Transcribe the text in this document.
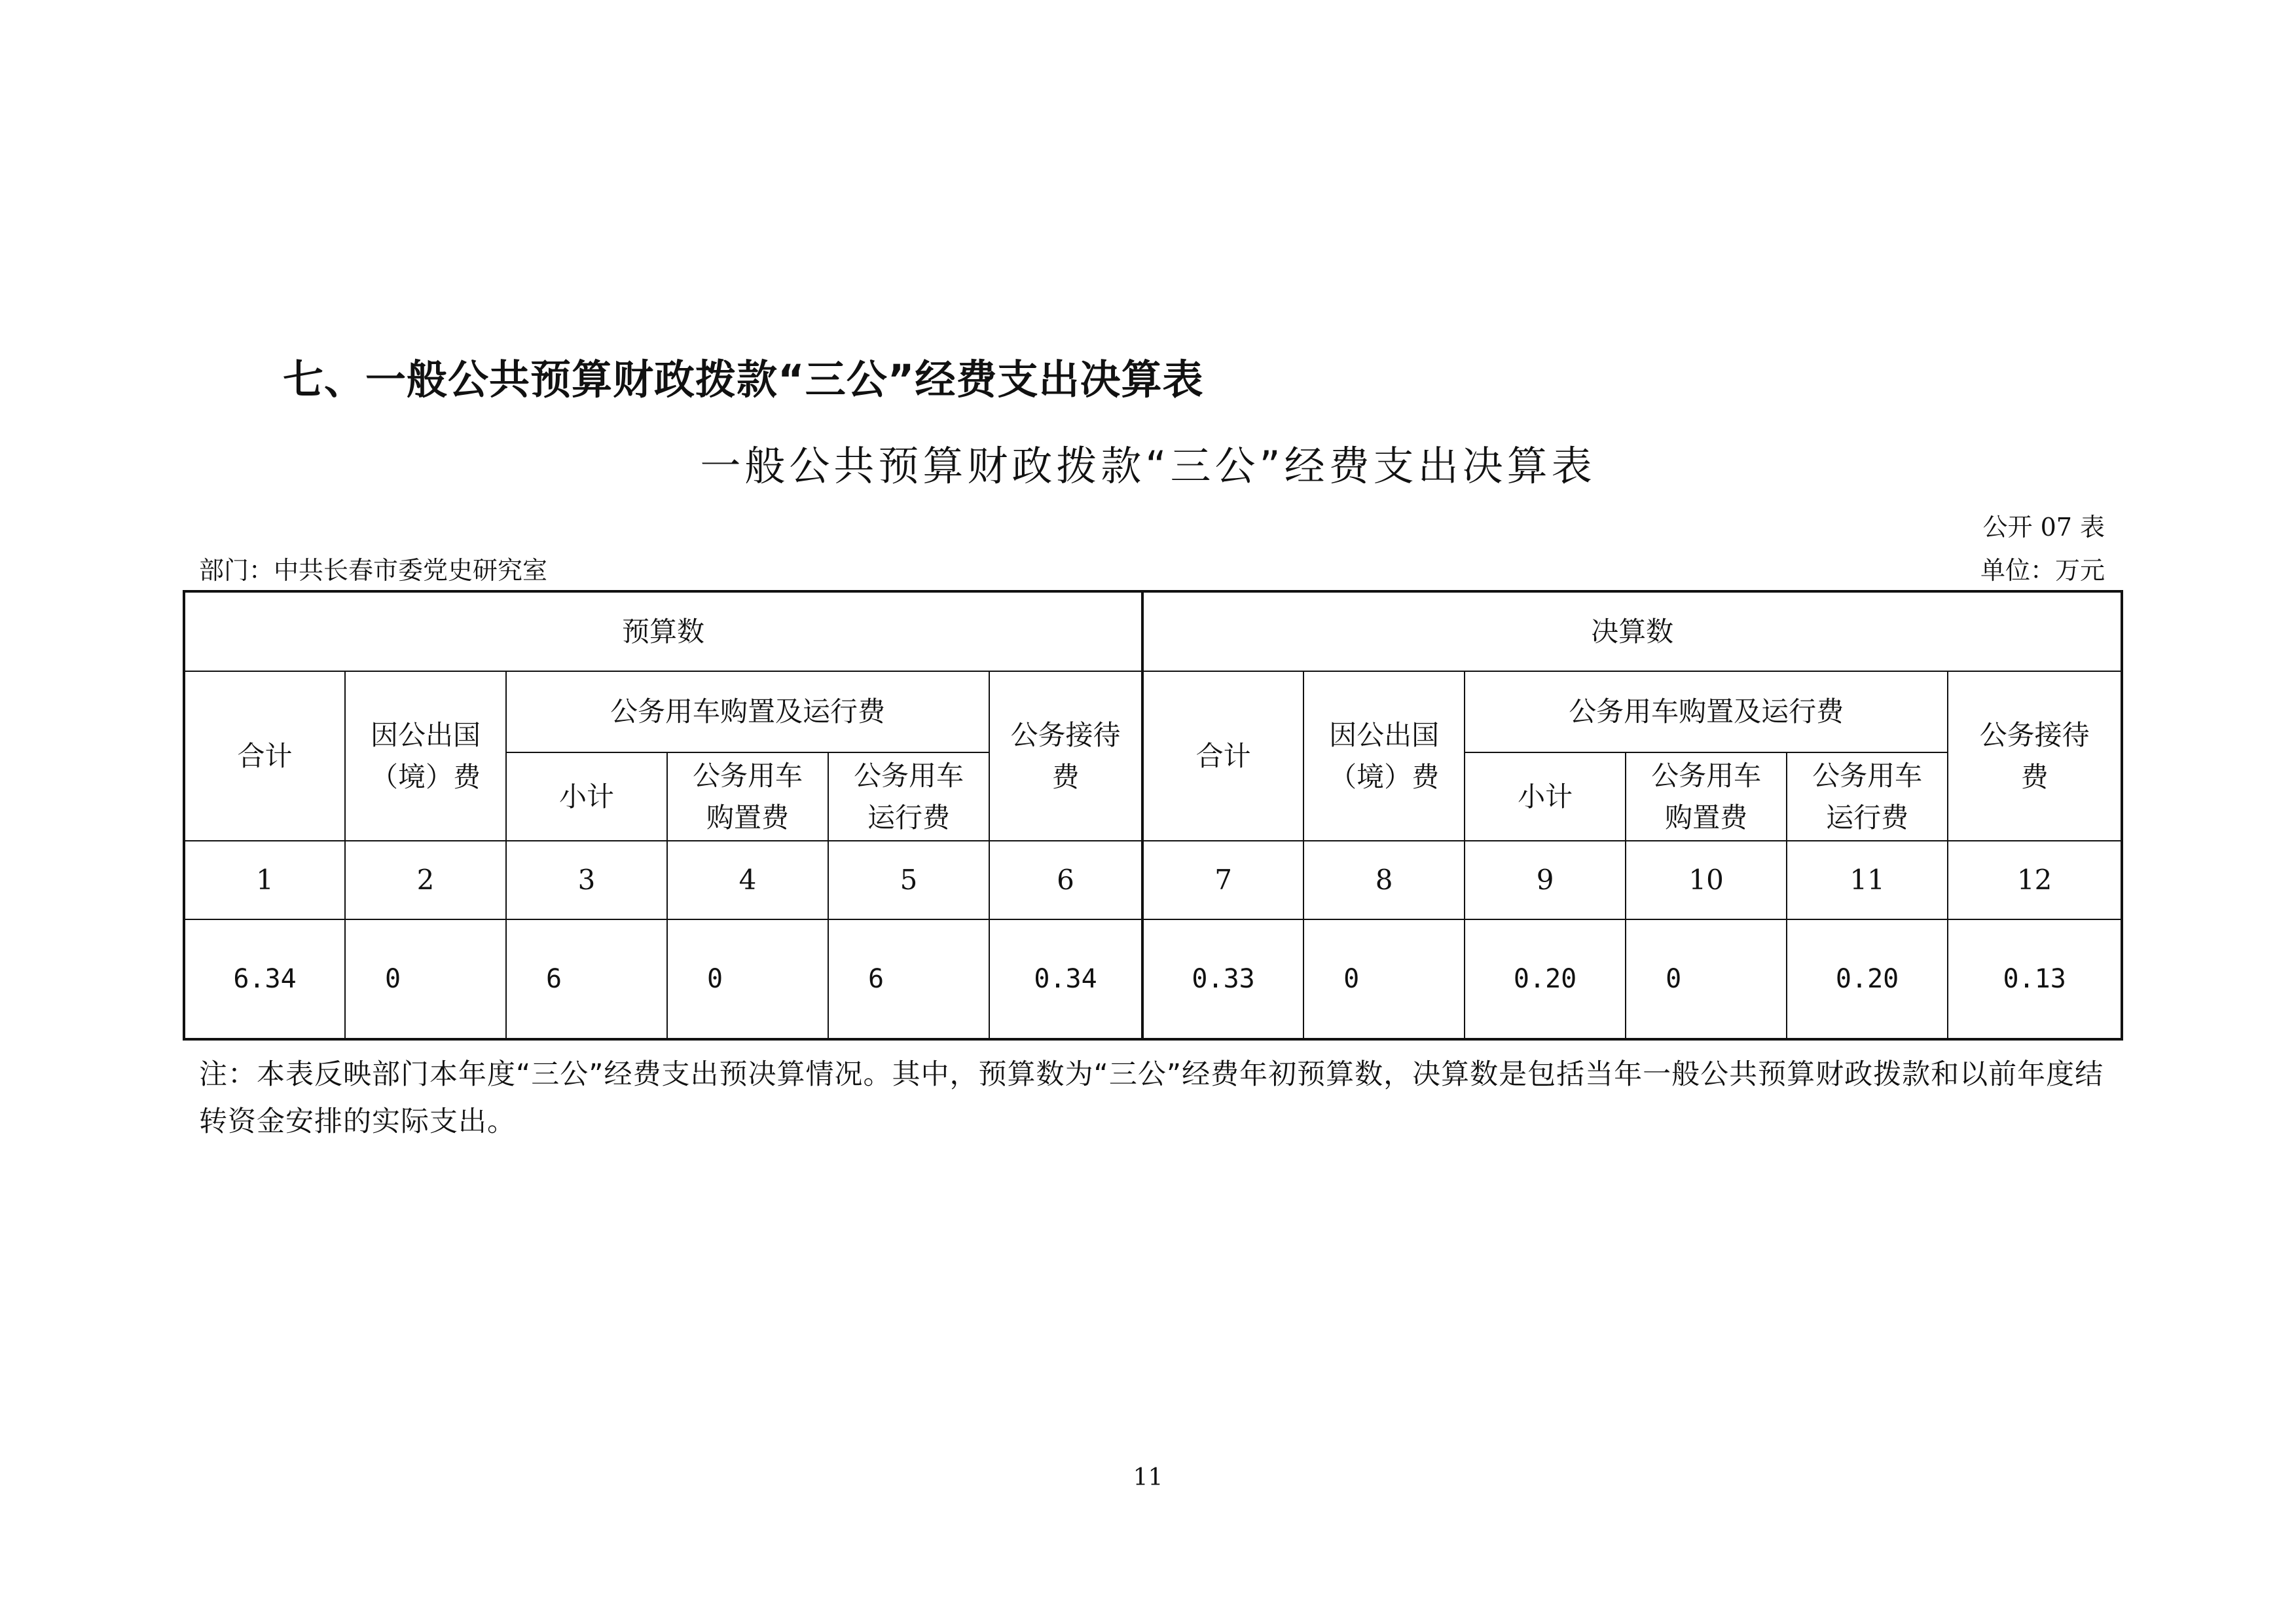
七、一般公共预算财政拨款“三公”经费支出决算表
一般公共预算财政拨款“三公”经费支出决算表
公开 07 表
部门：中共长春市委党史研究室	单位：万元
预算数						决算数					
合计	因公出国（境）费	公务用车购置及运行费			公务接待费	合计	因公出国（境）费	公务用车购置及运行费			公务接待费

		小计	公务用车购置费	公务用车运行费				小计	公务用车购置费	公务用车运行费	

1	2	3	4	5	6	7	8	9	10	11	12
6.34	0	6	0	6	0.34	0.33	0	0.20	0	0.20	0.13
注：本表反映部门本年度“三公”经费支出预决算情况。其中，预算数为“三公”经费年初预算数，决算数是包括当年一般公共预算财政拨款和以前年度结转资金安排的实际支出。
11
